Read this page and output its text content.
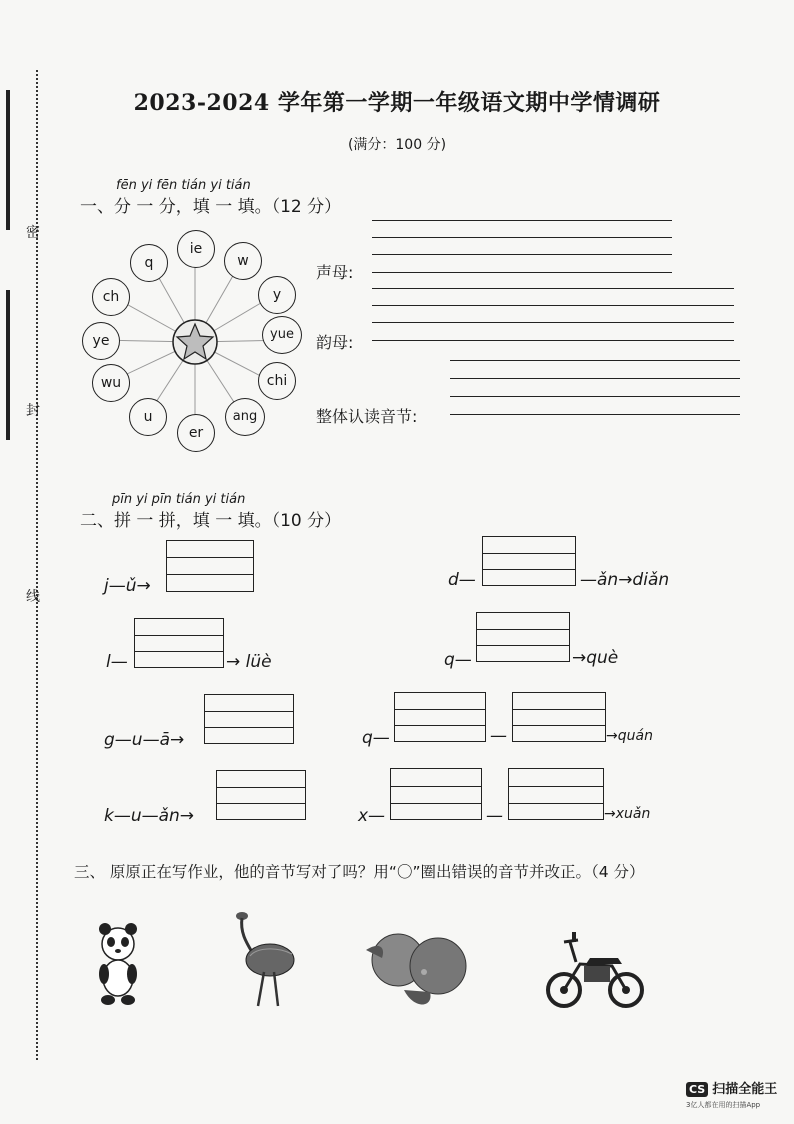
密
封
线
2023-2024 学年第一学期一年级语文期中学情调研
(满分：100 分)
fēn yi fēn tián yi tián
一、分 一 分，填 一 填。（12 分）
ie
w
y
yue
chi
ang
er
u
wu
ye
ch
q	声母:
韵母:
整体认读音节:
pīn yi pīn tián yi tián
二、拼 一 拼，填 一 填。（10 分）
j—ǔ→	d—	—ǎn→diǎn
l—	→ lüè	q—	→què
g—u—ā→	q—	—	→quán
k—u—ǎn→	x—	—	→xuǎn
三、 原原正在写作业，他的音节写对了吗？用“〇”圈出错误的音节并改正。（4 分）
CS 扫描全能王
3亿人都在用的扫描App
